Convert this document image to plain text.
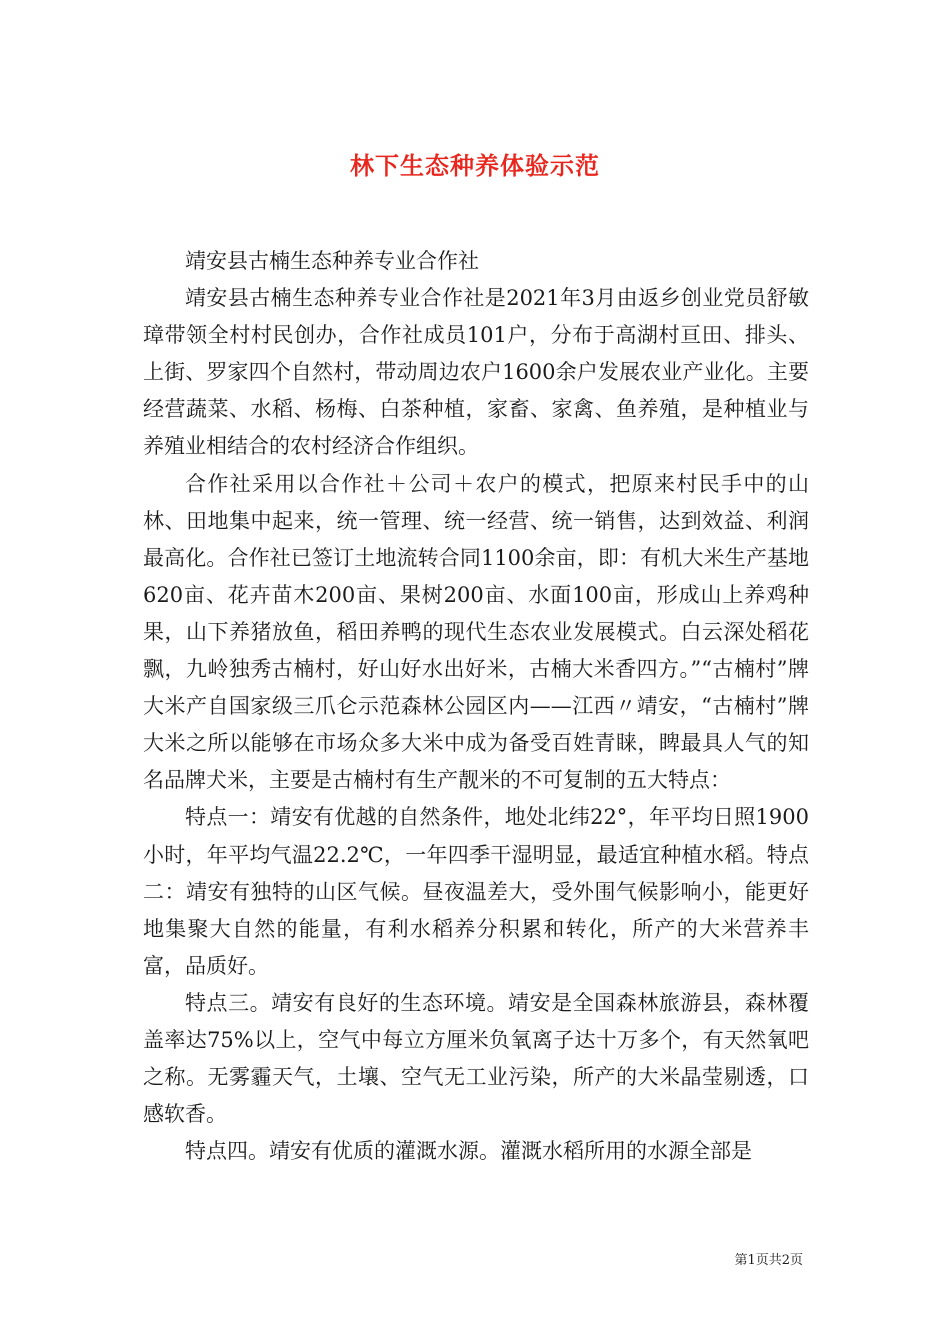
林下生态种养体验示范

靖安县古楠生态种养专业合作社

靖安县古楠生态种养专业合作社是2021年3月由返乡创业党员舒敏璋带领全村村民创办，合作社成员101户，分布于高湖村亘田、排头、上街、罗家四个自然村，带动周边农户1600余户发展农业产业化。主要经营蔬菜、水稻、杨梅、白茶种植，家畜、家禽、鱼养殖，是种植业与养殖业相结合的农村经济合作组织。

合作社采用以合作社＋公司＋农户的模式，把原来村民手中的山林、田地集中起来，统一管理、统一经营、统一销售，达到效益、利润最高化。合作社已签订土地流转合同1100余亩，即：有机大米生产基地620亩、花卉苗木200亩、果树200亩、水面100亩，形成山上养鸡种果，山下养猪放鱼，稻田养鸭的现代生态农业发展模式。白云深处稻花飘，九岭独秀古楠村，好山好水出好米，古楠大米香四方。”“古楠村”牌大米产自国家级三爪仑示范森林公园区内——江西〃靖安，“古楠村”牌大米之所以能够在市场众多大米中成为备受百姓青睐，睥最具人气的知名品牌犬米，主要是古楠村有生产靓米的不可复制的五大特点：

特点一：靖安有优越的自然条件，地处北纬22°，年平均日照1900小时，年平均气温22.2℃，一年四季干湿明显，最适宜种植水稻。特点二：靖安有独特的山区气候。昼夜温差大，受外围气候影响小，能更好地集聚大自然的能量，有利水稻养分积累和转化，所产的大米营养丰富，品质好。

特点三。靖安有良好的生态环境。靖安是全国森林旅游县，森林覆盖率达75%以上，空气中每立方厘米负氧离子达十万多个，有天然氧吧之称。无雾霾天气，土壤、空气无工业污染，所产的大米晶莹剔透，口感软香。

特点四。靖安有优质的灌溉水源。灌溉水稻所用的水源全部是

第1页共2页
